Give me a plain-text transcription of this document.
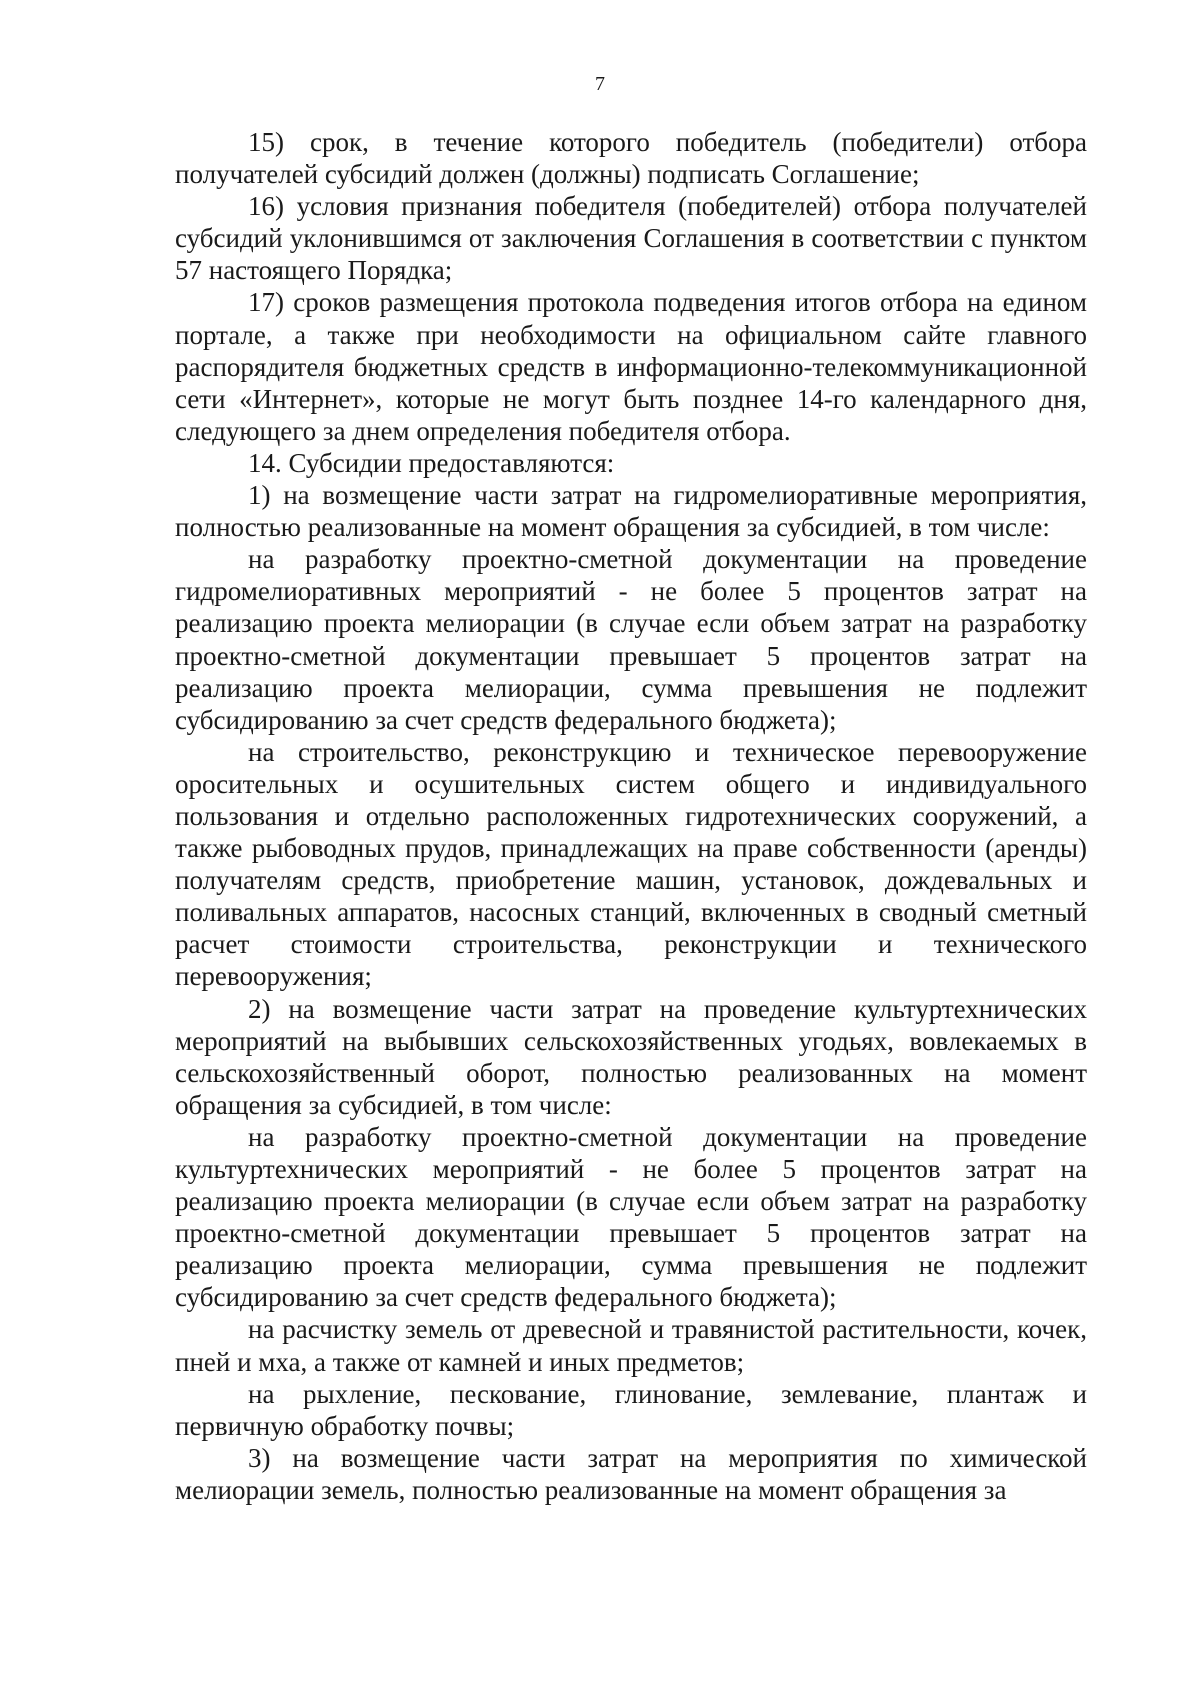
7

15) срок, в течение которого победитель (победители) отбора получателей субсидий должен (должны) подписать Соглашение;

16) условия признания победителя (победителей) отбора получателей субсидий уклонившимся от заключения Соглашения в соответствии с пунктом 57 настоящего Порядка;

17) сроков размещения протокола подведения итогов отбора на едином портале, а также при необходимости на официальном сайте главного распорядителя бюджетных средств в информационно-телекоммуникационной сети «Интернет», которые не могут быть позднее 14-го календарного дня, следующего за днем определения победителя отбора.

14. Субсидии предоставляются:

1) на возмещение части затрат на гидромелиоративные мероприятия, полностью реализованные на момент обращения за субсидией, в том числе:

на разработку проектно-сметной документации на проведение гидромелиоративных мероприятий - не более 5 процентов затрат на реализацию проекта мелиорации (в случае если объем затрат на разработку проектно-сметной документации превышает 5 процентов затрат на реализацию проекта мелиорации, сумма превышения не подлежит субсидированию за счет средств федерального бюджета);

на строительство, реконструкцию и техническое перевооружение оросительных и осушительных систем общего и индивидуального пользования и отдельно расположенных гидротехнических сооружений, а также рыбоводных прудов, принадлежащих на праве собственности (аренды) получателям средств, приобретение машин, установок, дождевальных и поливальных аппаратов, насосных станций, включенных в сводный сметный расчет стоимости строительства, реконструкции и технического перевооружения;

2) на возмещение части затрат на проведение культуртехнических мероприятий на выбывших сельскохозяйственных угодьях, вовлекаемых в сельскохозяйственный оборот, полностью реализованных на момент обращения за субсидией, в том числе:

на разработку проектно-сметной документации на проведение культуртехнических мероприятий - не более 5 процентов затрат на реализацию проекта мелиорации (в случае если объем затрат на разработку проектно-сметной документации превышает 5 процентов затрат на реализацию проекта мелиорации, сумма превышения не подлежит субсидированию за счет средств федерального бюджета);

на расчистку земель от древесной и травянистой растительности, кочек, пней и мха, а также от камней и иных предметов;

на рыхление, пескование, глинование, землевание, плантаж и первичную обработку почвы;

3) на возмещение части затрат на мероприятия по химической мелиорации земель, полностью реализованные на момент обращения за
